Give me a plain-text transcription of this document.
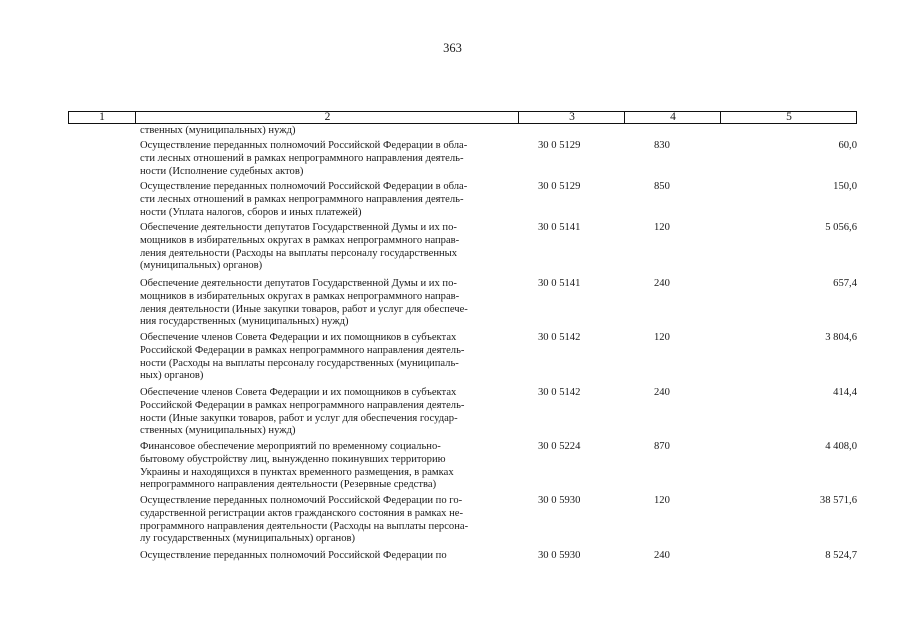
363
1	2	3	4	5
ственных (муниципальных) нужд)
Осуществление переданных полномочий Российской Федерации в обла-
сти лесных отношений в рамках непрограммного направления деятель-
ности (Исполнение судебных актов)
30 0 5129	830	60,0
Осуществление переданных полномочий Российской Федерации в обла-
сти лесных отношений в рамках непрограммного направления деятель-
ности (Уплата налогов, сборов и иных платежей)
30 0 5129	850	150,0
Обеспечение деятельности депутатов Государственной Думы и их по-
мощников в избирательных округах в рамках непрограммного направ-
ления деятельности (Расходы на выплаты персоналу государственных
(муниципальных) органов)
30 0 5141	120	5 056,6
Обеспечение деятельности депутатов Государственной Думы и их по-
мощников в избирательных округах в рамках непрограммного направ-
ления деятельности (Иные закупки товаров, работ и услуг для обеспече-
ния государственных (муниципальных) нужд)
30 0 5141	240	657,4
Обеспечение членов Совета Федерации и их помощников в субъектах
Российской Федерации в рамках непрограммного направления деятель-
ности (Расходы на выплаты персоналу государственных (муниципаль-
ных) органов)
30 0 5142	120	3 804,6
Обеспечение членов Совета Федерации и их помощников в субъектах
Российской Федерации в рамках непрограммного направления деятель-
ности (Иные закупки товаров, работ и услуг для обеспечения государ-
ственных (муниципальных) нужд)
30 0 5142	240	414,4
Финансовое обеспечение мероприятий по временному социально-
бытовому обустройству лиц, вынужденно покинувших территорию
Украины и находящихся в пунктах временного размещения, в рамках
непрограммного направления деятельности (Резервные средства)
30 0 5224	870	4 408,0
Осуществление переданных полномочий Российской Федерации по го-
сударственной регистрации актов гражданского состояния в рамках не-
программного направления деятельности (Расходы на выплаты персона-
лу государственных (муниципальных) органов)
30 0 5930	120	38 571,6
Осуществление переданных полномочий Российской Федерации по	30 0 5930	240	8 524,7
